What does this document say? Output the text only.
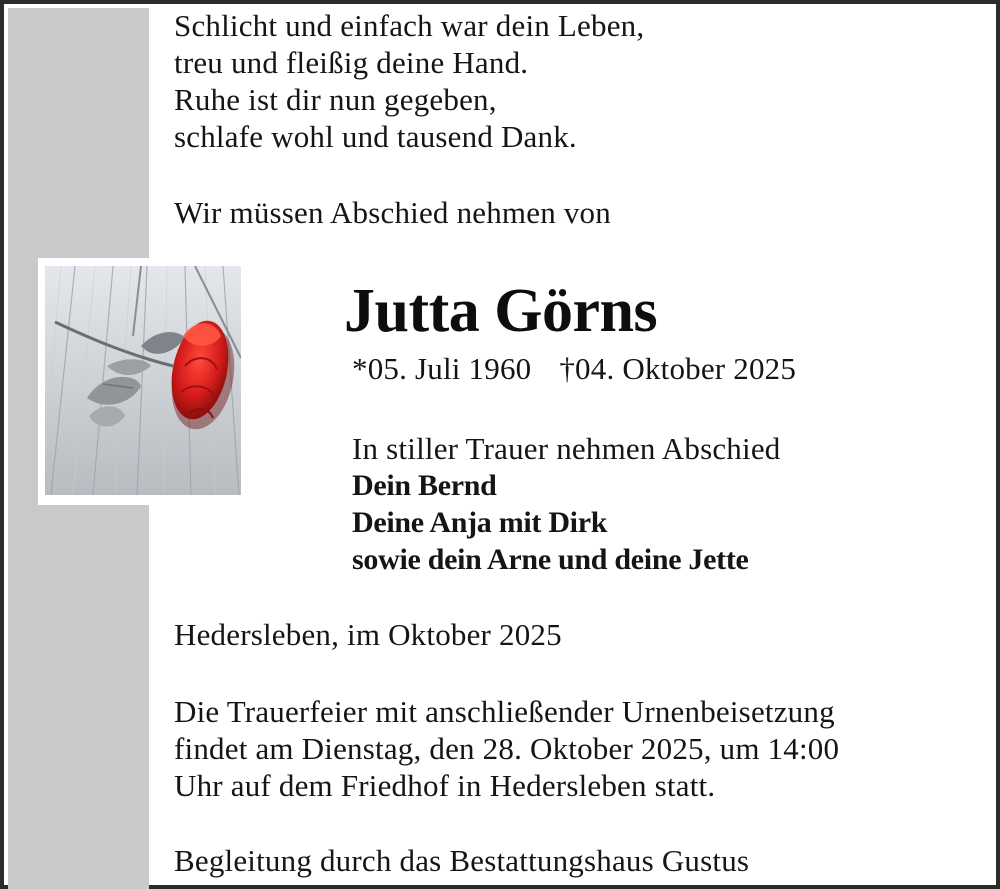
Schlicht und einfach war dein Leben,
treu und fleißig deine Hand.
Ruhe ist dir nun gegeben,
schlafe wohl und tausend Dank.
Wir müssen Abschied nehmen von
Jutta Görns
*05. Juli 1960 †04. Oktober 2025
In stiller Trauer nehmen Abschied
Dein Bernd
Deine Anja mit Dirk
sowie dein Arne und deine Jette
Hedersleben, im Oktober 2025
Die Trauerfeier mit anschließender Urnenbeisetzung
findet am Dienstag, den 28. Oktober 2025, um 14:00
Uhr auf dem Friedhof in Hedersleben statt.
Begleitung durch das Bestattungshaus Gustus
